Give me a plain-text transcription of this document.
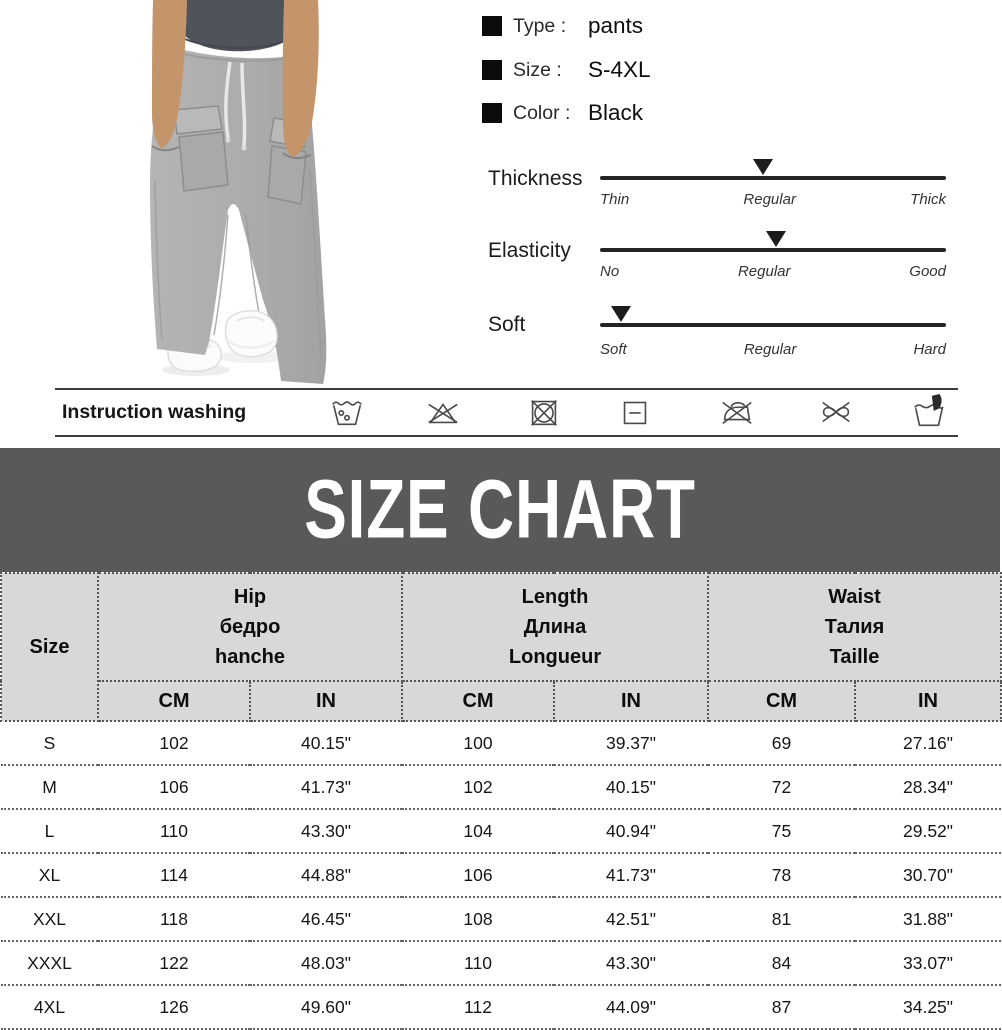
Type : pants
Size :	S-4XL
Color : Black
Thickness
Thin	Regular	Thick
Elasticity
No	Regular	Good
Soft
Soft	Regular	Hard
Instruction washing
SIZE CHART
Size	
Hip
бедро
hanche

Length
Длина
Longueur

Waist
Талия
Taille

	CM	IN	CM	IN	CM	IN
S	102	40.15"	100	39.37"	69	27.16"
M	106	41.73"	102	40.15"	72	28.34"
L	110	43.30"	104	40.94"	75	29.52"
XL	114	44.88"	106	41.73"	78	30.70"
XXL	118	46.45"	108	42.51"	81	31.88"
XXXL	122	48.03"	110	43.30"	84	33.07"
4XL	126	49.60"	112	44.09"	87	34.25"
